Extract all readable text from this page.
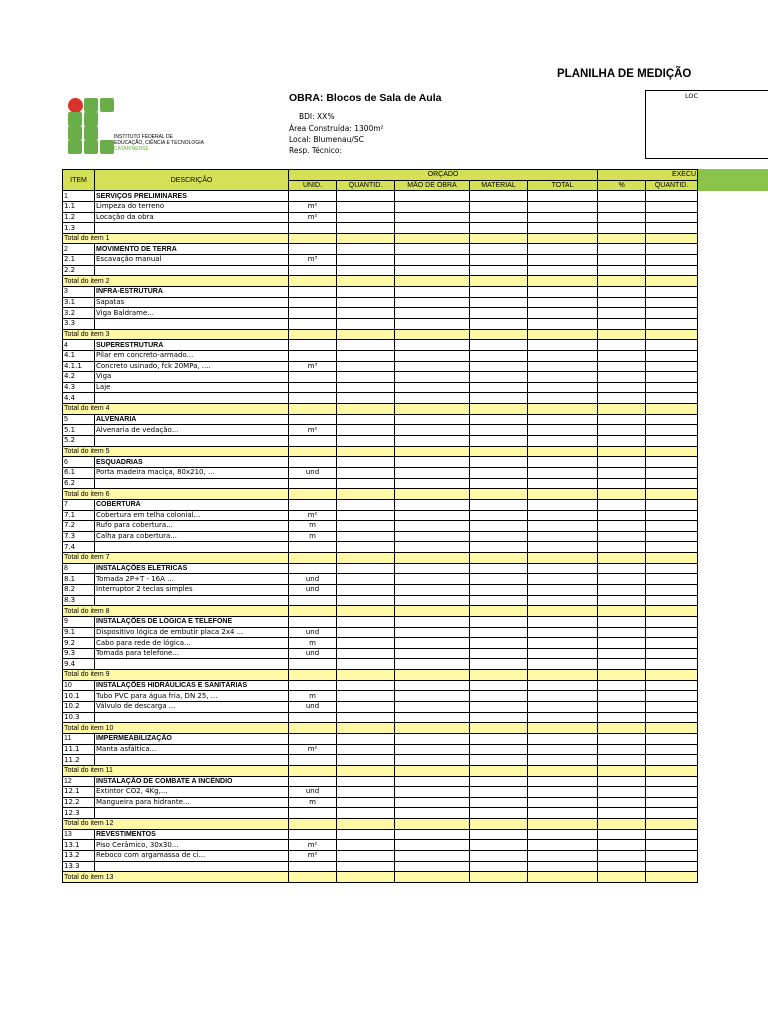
PLANILHA DE MEDIÇÃO
INSTITUTO FEDERAL DE
EDUCAÇÃO, CIÊNCIA E TECNOLOGIA
CATARINENSE
OBRA: Blocos de Sala de Aula
BDI: XX%
Área Construída: 1300m²
Local: Blumenau/SC
Resp. Técnico:
LOC
ITEM	DESCRIÇÃO	ORÇADO					EXECU	
		UNID.	QUANTID.	MÃO DE OBRA	MATERIAL	TOTAL	%	QUANTID.
1	SERVIÇOS PRELIMINARES							
1.1	Limpeza do terreno	m²						
1.2	Locação da obra	m²						
1.3								
Total do item 1								
2	MOVIMENTO DE TERRA							
2.1	Escavação manual	m³						
2.2								
Total do item 2								
3	INFRA-ESTRUTURA							
3.1	Sapatas							
3.2	Viga Baldrame...							
3.3								
Total do item 3								
4	SUPERESTRUTURA							
4.1	Pilar em concreto-armado...							
4.1.1	Concreto usinado, fck 20MPa, ....	m³						
4.2	Viga							
4.3	Laje							
4.4								
Total do item 4								
5	ALVENARIA							
5.1	Alvenaria de vedação...	m²						
5.2								
Total do item 5								
6	ESQUADRIAS							
6.1	Porta madeira maciça, 80x210, ...	und						
6.2								
Total do item 6								
7	COBERTURA							
7.1	Cobertura em telha colonial...	m²						
7.2	Rufo para cobertura...	m						
7.3	Calha para cobertura...	m						
7.4								
Total do item 7								
8	INSTALAÇÕES ELÉTRICAS							
8.1	Tomada 2P+T - 16A ...	und						
8.2	Interruptor 2 teclas simples	und						
8.3								
Total do item 8								
9	INSTALAÇÕES DE LÓGICA E TELEFONE							
9.1	Dispositivo lógica de embutir placa 2x4 ...	und						
9.2	Cabo para rede de lógica...	m						
9.3	Tomada para telefone...	und						
9.4								
Total do item 9								
10	INSTALAÇÕES HIDRÁULICAS E SANITÁRIAS							
10.1	Tubo PVC para água fria, DN 25, ...	m						
10.2	Válvulo de descarga ...	und						
10.3								
Total do item 10								
11	IMPERMEABILIZAÇÃO							
11.1	Manta asfáltica...	m²						
11.2								
Total do item 11								
12	INSTALAÇÃO DE COMBATE A INCÊNDIO							
12.1	Extintor CO2, 4Kg,...	und						
12.2	Mangueira para hidrante...	m						
12.3								
Total do item 12								
13	REVESTIMENTOS							
13.1	Piso Cerâmico, 30x30...	m²						
13.2	Reboco com argamassa de ci...	m²						
13.3								
Total do item 13								
